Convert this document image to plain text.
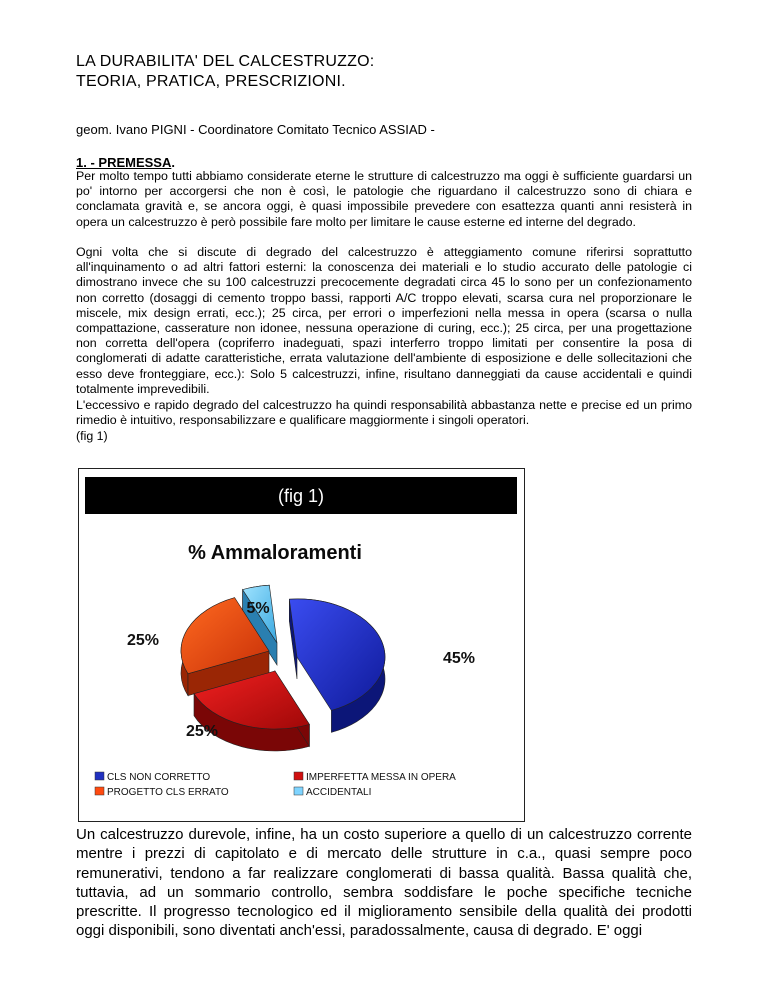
LA DURABILITA' DEL CALCESTRUZZO:
TEORIA, PRATICA, PRESCRIZIONI.
geom. Ivano PIGNI - Coordinatore Comitato Tecnico ASSIAD -
1. - PREMESSA.
Per molto tempo tutti abbiamo considerate eterne le strutture di calcestruzzo ma oggi è sufficiente guardarsi un po' intorno per accorgersi che non è così, le patologie che riguardano il calcestruzzo sono di chiara e conclamata gravità e, se ancora oggi, è quasi impossibile prevedere con esattezza quanti anni resisterà in opera un calcestruzzo è però possibile fare molto per limitare le cause esterne ed interne del degrado.
Ogni volta che si discute di degrado del calcestruzzo è atteggiamento comune riferirsi soprattutto all'inquinamento o ad altri fattori esterni: la conoscenza dei materiali e lo studio accurato delle patologie ci dimostrano invece che su 100 calcestruzzi precocemente degradati circa 45 lo sono per un confezionamento non corretto (dosaggi di cemento troppo bassi, rapporti A/C troppo elevati, scarsa cura nel proporzionare le miscele, mix design errati, ecc.); 25 circa, per errori o imperfezioni nella messa in opera (scarsa o nulla compattazione, casserature non idonee, nessuna operazione di curing, ecc.); 25 circa, per una progettazione non corretta dell'opera (copriferro inadeguati, spazi interferro troppo limitati per consentire la posa di conglomerati di adatte caratteristiche, errata valutazione dell'ambiente di esposizione e delle sollecitazioni che esso deve fronteggiare, ecc.): Solo 5 calcestruzzi, infine, risultano danneggiati da cause accidentali e quindi totalmente imprevedibili.
L'eccessivo e rapido degrado del calcestruzzo ha quindi responsabilità abbastanza nette e precise ed un primo rimedio è intuitivo, responsabilizzare e qualificare maggiormente i singoli operatori.
(fig 1)
(fig 1)
% Ammaloramenti
45%
25%
25%
5%
CLS NON CORRETTO	IMPERFETTA MESSA IN OPERA
PROGETTO CLS ERRATO	ACCIDENTALI
Un calcestruzzo durevole, infine, ha un costo superiore a quello di un calcestruzzo corrente mentre i prezzi di capitolato e di mercato delle strutture in c.a., quasi sempre poco remunerativi, tendono a far realizzare conglomerati di bassa qualità. Bassa qualità che, tuttavia, ad un sommario controllo, sembra soddisfare le poche specifiche tecniche prescritte. Il progresso tecnologico ed il miglioramento sensibile della qualità dei prodotti oggi disponibili, sono diventati anch'essi, paradossalmente, causa di degrado. E' oggi
